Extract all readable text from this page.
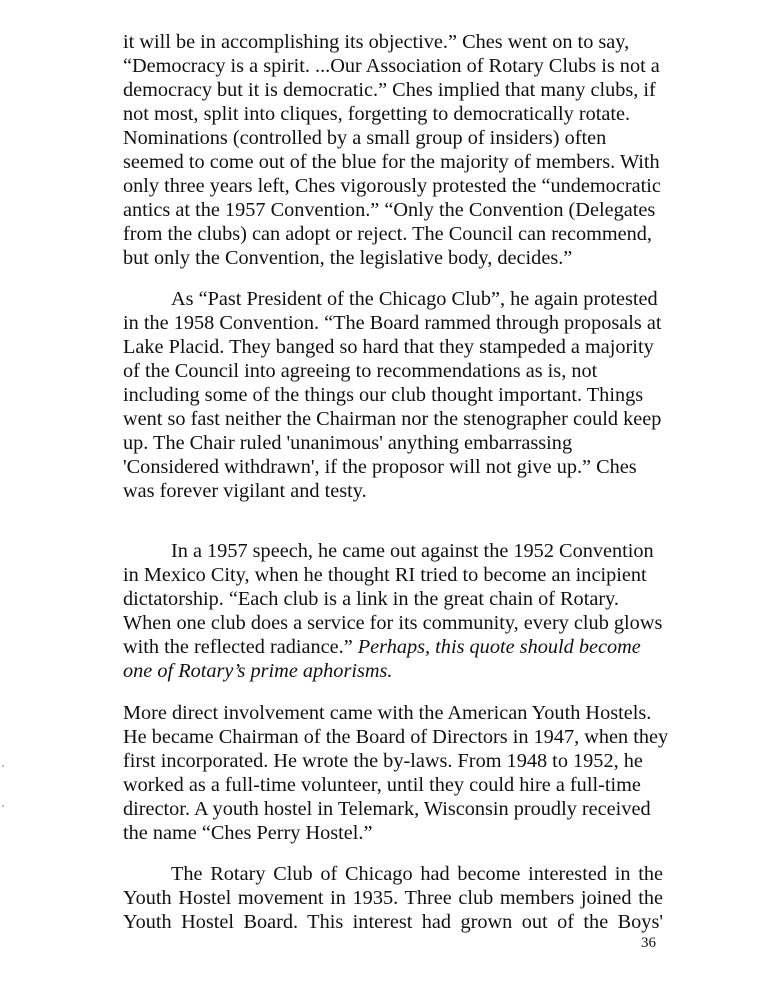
it will be in accomplishing its objective.” Ches went on to say,
“Democracy is a spirit. ...Our Association of Rotary Clubs is not a
democracy but it is democratic.” Ches implied that many clubs, if
not most, split into cliques, forgetting to democratically rotate.
Nominations (controlled by a small group of insiders) often
seemed to come out of the blue for the majority of members. With
only three years left, Ches vigorously protested the “undemocratic
antics at the 1957 Convention.” “Only the Convention (Delegates
from the clubs) can adopt or reject. The Council can recommend,
but only the Convention, the legislative body, decides.”
As “Past President of the Chicago Club”, he again protested
in the 1958 Convention. “The Board rammed through proposals at
Lake Placid. They banged so hard that they stampeded a majority
of the Council into agreeing to recommendations as is, not
including some of the things our club thought important. Things
went so fast neither the Chairman nor the stenographer could keep
up. The Chair ruled 'unanimous' anything embarrassing
'Considered withdrawn', if the proposor will not give up.” Ches
was forever vigilant and testy.
In a 1957 speech, he came out against the 1952 Convention
in Mexico City, when he thought RI tried to become an incipient
dictatorship. “Each club is a link in the great chain of Rotary.
When one club does a service for its community, every club glows
with the reflected radiance.” Perhaps, this quote should become
one of Rotary’s prime aphorisms.
More direct involvement came with the American Youth Hostels.
He became Chairman of the Board of Directors in 1947, when they
first incorporated. He wrote the by-laws. From 1948 to 1952, he
worked as a full-time volunteer, until they could hire a full-time
director. A youth hostel in Telemark, Wisconsin proudly received
the name “Ches Perry Hostel.”
The Rotary Club of Chicago had become interested in the
Youth Hostel movement in 1935. Three club members joined the
Youth Hostel Board. This interest had grown out of the Boys'
36
